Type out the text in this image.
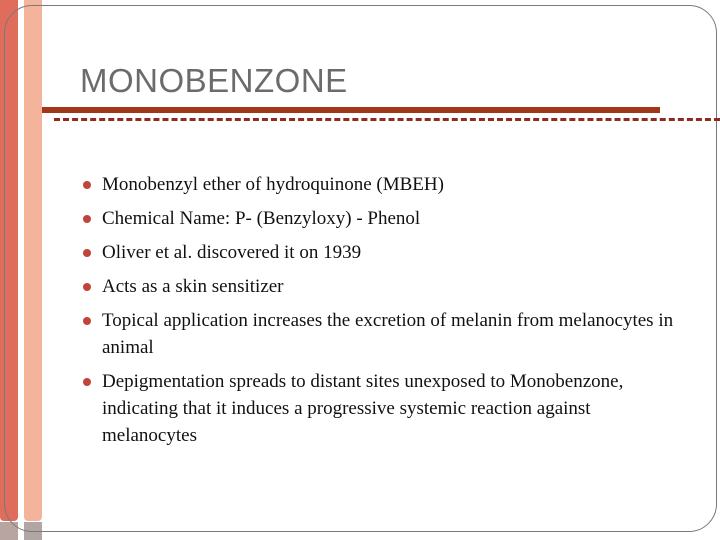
MONOBENZONE
Monobenzyl ether of hydroquinone (MBEH)
Chemical Name: P- (Benzyloxy) - Phenol
Oliver et al. discovered it on 1939
Acts as a skin sensitizer
Topical application increases the excretion of melanin from melanocytes in animal
Depigmentation spreads to distant sites unexposed to Monobenzone, indicating that it induces a progressive systemic reaction against melanocytes
